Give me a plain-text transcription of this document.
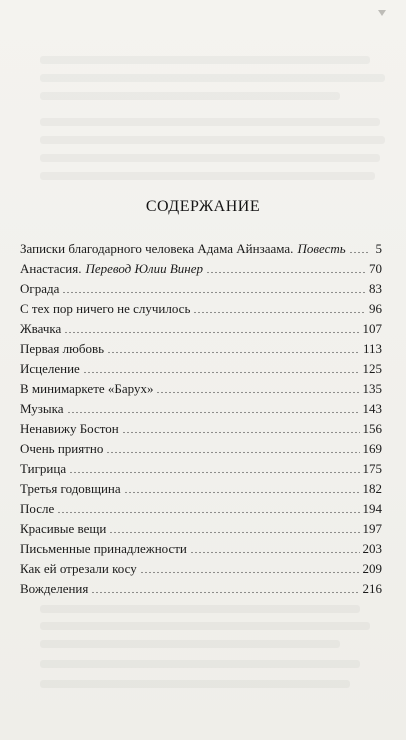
СОДЕРЖАНИЕ
Записки благодарного человека Адама Айнзаама. Повесть 5
Анастасия. Перевод Юлии Винер	70
Ограда	83
С тех пор ничего не случилось	96
Жвачка	107
Первая любовь	113
Исцеление	125
В минимаркете «Барух»	135
Музыка	143
Ненавижу Бостон	156
Очень приятно	169
Тигрица	175
Третья годовщина	182
После	194
Красивые вещи	197
Письменные принадлежности	203
Как ей отрезали косу	209
Вожделения	216
